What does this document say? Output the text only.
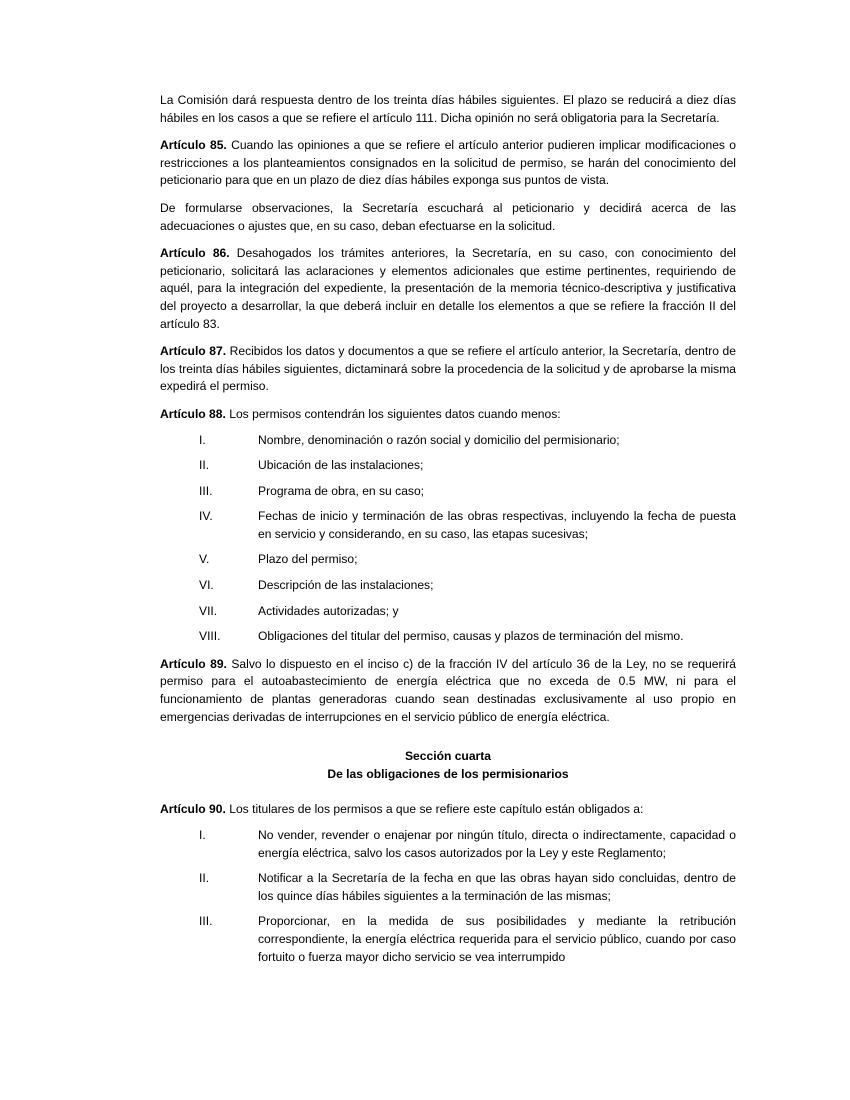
La Comisión dará respuesta dentro de los treinta días hábiles siguientes. El plazo se reducirá a diez días hábiles en los casos a que se refiere el artículo 111. Dicha opinión no será obligatoria para la Secretaría.

Artículo 85. Cuando las opiniones a que se refiere el artículo anterior pudieren implicar modificaciones o restricciones a los planteamientos consignados en la solicitud de permiso, se harán del conocimiento del peticionario para que en un plazo de diez días hábiles exponga sus puntos de vista.

De formularse observaciones, la Secretaría escuchará al peticionario y decidirá acerca de las adecuaciones o ajustes que, en su caso, deban efectuarse en la solicitud.

Artículo 86. Desahogados los trámites anteriores, la Secretaría, en su caso, con conocimiento del peticionario, solicitará las aclaraciones y elementos adicionales que estime pertinentes, requiriendo de aquél, para la integración del expediente, la presentación de la memoria técnico-descriptiva y justificativa del proyecto a desarrollar, la que deberá incluir en detalle los elementos a que se refiere la fracción II del artículo 83.

Artículo 87. Recibidos los datos y documentos a que se refiere el artículo anterior, la Secretaría, dentro de los treinta días hábiles siguientes, dictaminará sobre la procedencia de la solicitud y de aprobarse la misma expedirá el permiso.

Artículo 88. Los permisos contendrán los siguientes datos cuando menos:

I.	Nombre, denominación o razón social y domicilio del permisionario;
II.	Ubicación de las instalaciones;
III.	Programa de obra, en su caso;
IV.	Fechas de inicio y terminación de las obras respectivas, incluyendo la fecha de puesta en servicio y considerando, en su caso, las etapas sucesivas;
V.	Plazo del permiso;
VI.	Descripción de las instalaciones;
VII.	Actividades autorizadas; y
VIII.	Obligaciones del titular del permiso, causas y plazos de terminación del mismo.

Artículo 89. Salvo lo dispuesto en el inciso c) de la fracción IV del artículo 36 de la Ley, no se requerirá permiso para el autoabastecimiento de energía eléctrica que no exceda de 0.5 MW, ni para el funcionamiento de plantas generadoras cuando sean destinadas exclusivamente al uso propio en emergencias derivadas de interrupciones en el servicio público de energía eléctrica.

Sección cuarta

De las obligaciones de los permisionarios

Artículo 90. Los titulares de los permisos a que se refiere este capítulo están obligados a:

I.	No vender, revender o enajenar por ningún título, directa o indirectamente, capacidad o energía eléctrica, salvo los casos autorizados por la Ley y este Reglamento;
II.	Notificar a la Secretaría de la fecha en que las obras hayan sido concluidas, dentro de los quince días hábiles siguientes a la terminación de las mismas;
III.	Proporcionar, en la medida de sus posibilidades y mediante la retribución correspondiente, la energía eléctrica requerida para el servicio público, cuando por caso fortuito o fuerza mayor dicho servicio se vea interrumpido
